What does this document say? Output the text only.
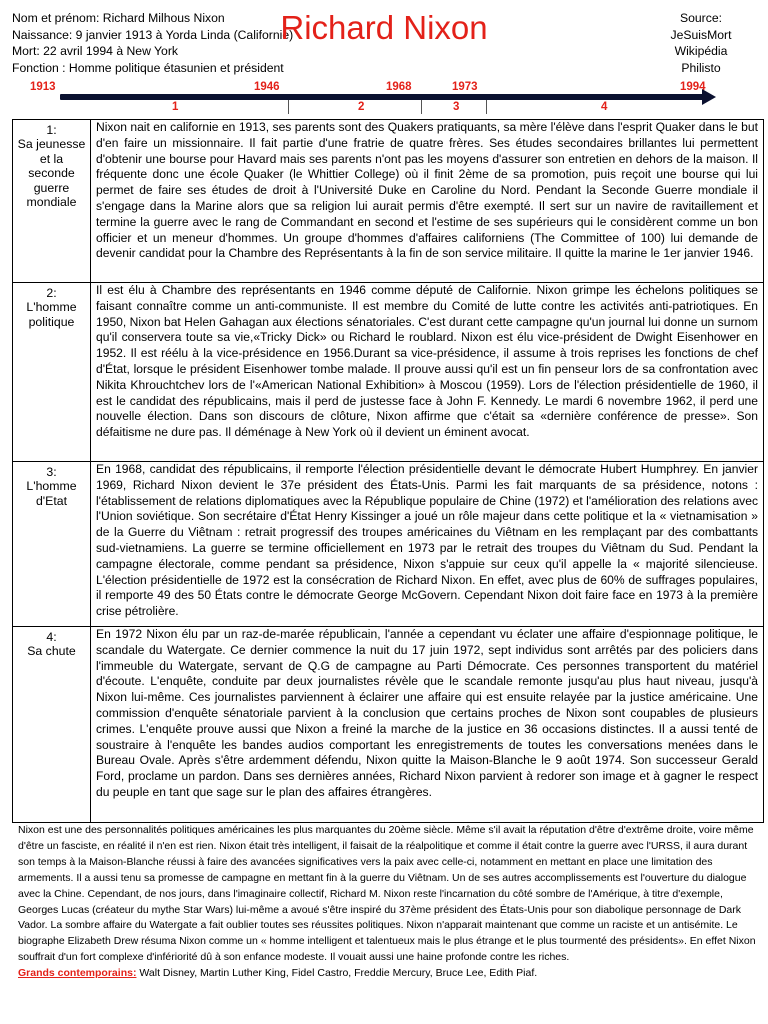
Nom et prénom: Richard Milhous Nixon
Naissance: 9 janvier 1913 à Yorda Linda (Californie)
Mort: 22 avril 1994 à New York
Fonction : Homme politique étasunien et président
Richard Nixon	Source:
JeSuisMort
Wikipédia
Philisto
1913	1946	1968	1973	1994
1	2	3	4
1:
Sa jeunesse et la seconde guerre mondiale	Nixon nait en californie en 1913, ses parents sont des Quakers pratiquants, sa mère l'élève dans l'esprit Quaker dans le but d'en faire un missionnaire. Il fait partie d'une fratrie de quatre frères. Ses études secondaires brillantes lui permettent d'obtenir une bourse pour Havard mais ses parents n'ont pas les moyens d'assurer son entretien en dehors de la maison. Il fréquente donc une école Quaker (le Whittier College) où il finit 2ème de sa promotion, puis reçoit une bourse qui lui permet de faire ses études de droit à l'Université Duke en Caroline du Nord. Pendant la Seconde Guerre mondiale il s'engage dans la Marine alors que sa religion lui aurait permis d'être exempté. Il sert sur un navire de ravitaillement et termine la guerre avec le rang de Commandant en second et l'estime de ses supérieurs qui le considèrent comme un bon officier et un meneur d'hommes. Un groupe d'hommes d'affaires californiens (The Committee of 100) lui demande de devenir candidat pour la Chambre des Représentants à la fin de son service militaire. Il quitte la marine le 1er janvier 1946.

2:
L'homme politique	Il est élu à Chambre des représentants en 1946 comme député de Californie. Nixon grimpe les échelons politiques se faisant connaître comme un anti-communiste. Il est membre du Comité de lutte contre les activités anti-patriotiques. En 1950, Nixon bat Helen Gahagan aux élections sénatoriales. C'est durant cette campagne qu'un journal lui donne un surnom qu'il conservera toute sa vie,«Tricky Dick» ou Richard le roublard. Nixon est élu vice-président de Dwight Eisenhower en 1952. Il est réélu à la vice-présidence en 1956.Durant sa vice-présidence, il assume à trois reprises les fonctions de chef d'État, lorsque le président Eisenhower tombe malade. Il prouve aussi qu'il est un fin penseur lors de sa confrontation avec Nikita Khrouchtchev lors de l'«American National Exhibition» à Moscou (1959). Lors de l'élection présidentielle de 1960, il est le candidat des républicains, mais il perd de justesse face à John F. Kennedy. Le mardi 6 novembre 1962, il perd une nouvelle élection. Dans son discours de clôture, Nixon affirme que c'était sa «dernière conférence de presse». Son défaitisme ne dure pas. Il déménage à New York où il devient un éminent avocat.

3:
L'homme d'Etat	En 1968, candidat des républicains, il remporte l'élection présidentielle devant le démocrate Hubert Humphrey. En janvier 1969, Richard Nixon devient le 37e président des États-Unis. Parmi les fait marquants de sa présidence, notons : l'établissement de relations diplomatiques avec la République populaire de Chine (1972) et l'amélioration des relations avec l'Union soviétique. Son secrétaire d'État Henry Kissinger a joué un rôle majeur dans cette politique et la « vietnamisation » de la Guerre du Viêtnam : retrait progressif des troupes américaines du Viêtnam en les remplaçant par des combattants sud-vietnamiens. La guerre se termine officiellement en 1973 par le retrait des troupes du Viêtnam du Sud. Pendant la campagne électorale, comme pendant sa présidence, Nixon s'appuie sur ceux qu'il appelle la « majorité silencieuse. L'élection présidentielle de 1972 est la consécration de Richard Nixon. En effet, avec plus de 60% de suffrages populaires, il remporte 49 des 50 États contre le démocrate George McGovern. Cependant Nixon doit faire face en 1973 à la première crise pétrolière.

4:
Sa chute	En 1972 Nixon élu par un raz-de-marée républicain, l'année a cependant vu éclater une affaire d'espionnage politique, le scandale du Watergate. Ce dernier commence la nuit du 17 juin 1972, sept individus sont arrêtés par des policiers dans l'immeuble du Watergate, servant de Q.G de campagne au Parti Démocrate. Ces personnes transportent du matériel d'écoute. L'enquête, conduite par deux journalistes révèle que le scandale remonte jusqu'au plus haut niveau, jusqu'à Nixon lui-même. Ces journalistes parviennent à éclairer une affaire qui est ensuite relayée par la justice américaine. Une commission d'enquête sénatoriale parvient à la conclusion que certains proches de Nixon sont coupables de plusieurs crimes. L'enquête prouve aussi que Nixon a freiné la marche de la justice en 36 occasions distinctes. Il a aussi tenté de soustraire à l'enquête les bandes audios comportant les enregistrements de toutes les conversations menées dans le Bureau Ovale. Après s'être ardemment défendu, Nixon quitte la Maison-Blanche le 9 août 1974. Son successeur Gerald Ford, proclame un pardon. Dans ses dernières années, Richard Nixon parvient à redorer son image et à gagner le respect du peuple en tant que sage sur le plan des affaires étrangères.
Nixon est une des personnalités politiques américaines les plus marquantes du 20ème siècle. Même s'il avait la réputation d'être d'extrême droite, voire même d'être un fasciste, en réalité il n'en est rien. Nixon était très intelligent, il faisait de la réalpolitique et comme il était contre la guerre avec l'URSS, il aura durant son temps à la Maison-Blanche réussi à faire des avancées significatives vers la paix avec celle-ci, notamment en mettant en place une limitation des armements. Il a aussi tenu sa promesse de campagne en mettant fin à la guerre du Viêtnam. Un de ses autres accomplissements est l'ouverture du dialogue avec la Chine. Cependant, de nos jours, dans l'imaginaire collectif, Richard M. Nixon reste l'incarnation du côté sombre de l'Amérique, à titre d'exemple, Georges Lucas (créateur du mythe Star Wars) lui-même a avoué s'être inspiré du 37ème président des États-Unis pour son diabolique personnage de Dark Vador. La sombre affaire du Watergate a fait oublier toutes ses réussites politiques. Nixon n'apparait maintenant que comme un raciste et un antisémite. Le biographe Elizabeth Drew résuma Nixon comme un « homme intelligent et talentueux mais le plus étrange et le plus tourmenté des présidents». En effet Nixon souffrait d'un fort complexe d'infériorité dû à son enfance modeste. Il vouait aussi une haine profonde contre les riches.
Grands contemporains: Walt Disney, Martin Luther King, Fidel Castro, Freddie Mercury, Bruce Lee, Edith Piaf.
